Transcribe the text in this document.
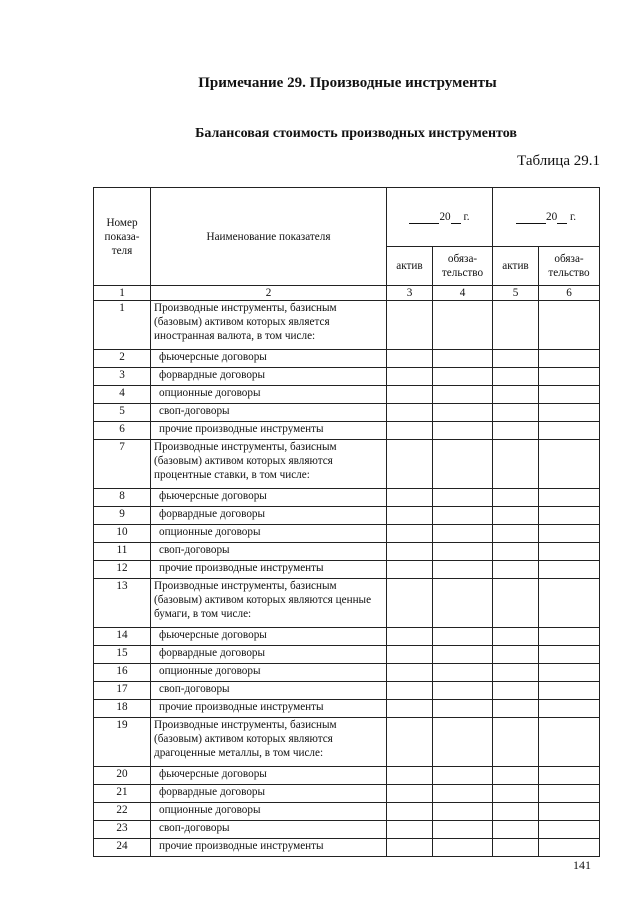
Примечание 29. Производные инструменты
Балансовая стоимость производных инструментов
Таблица 29.1
Номер показа-теля	Наименование показателя	20 г.		20 г.	
		актив	обяза-тельство	актив	обяза-тельство
1	2	3	4	5	6
1	Производные инструменты, базисным (базовым) активом которых является иностранная валюта, в том числе:				
2	фьючерсные договоры				
3	форвардные договоры				
4	опционные договоры				
5	своп-договоры				
6	прочие производные инструменты				
7	Производные инструменты, базисным (базовым) активом которых являются процентные ставки, в том числе:				
8	фьючерсные договоры				
9	форвардные договоры				
10	опционные договоры				
11	своп-договоры				
12	прочие производные инструменты				
13	Производные инструменты, базисным (базовым) активом которых являются ценные бумаги, в том числе:				
14	фьючерсные договоры				
15	форвардные договоры				
16	опционные договоры				
17	своп-договоры				
18	прочие производные инструменты				
19	Производные инструменты, базисным (базовым) активом которых являются драгоценные металлы, в том числе:				
20	фьючерсные договоры				
21	форвардные договоры				
22	опционные договоры				
23	своп-договоры				
24	прочие производные инструменты				
141
